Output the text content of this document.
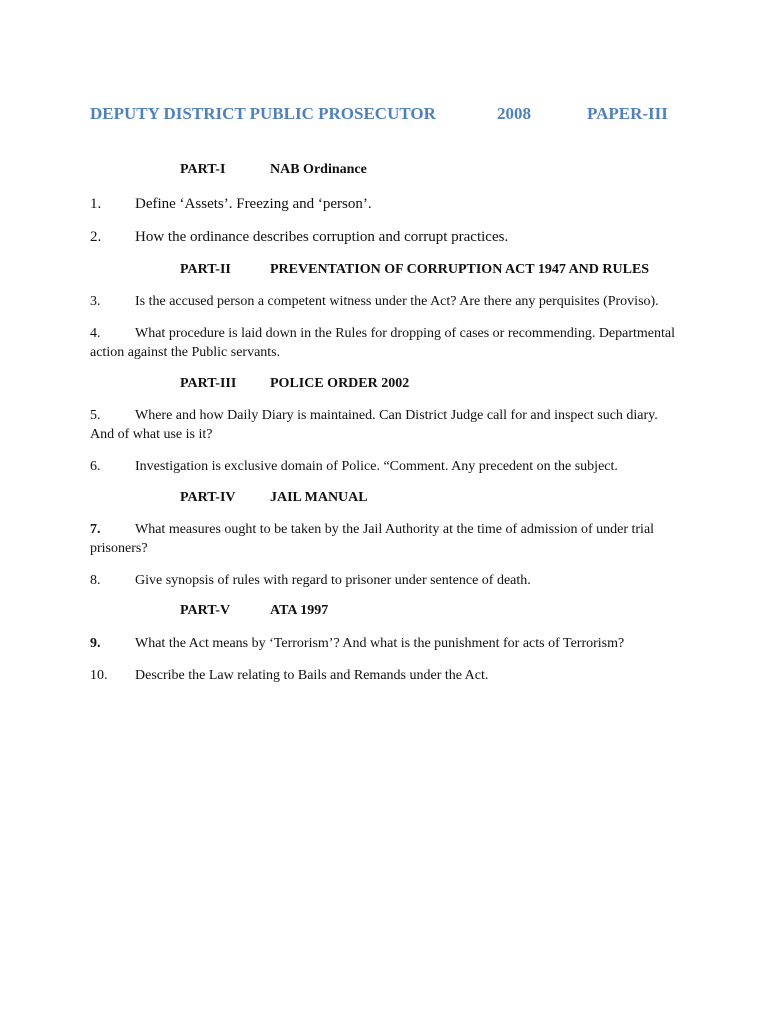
DEPUTY DISTRICT PUBLIC PROSECUTOR	2008	PAPER-III
PART-I	NAB Ordinance
1. Define ‘Assets’. Freezing and ‘person’.
2. How the ordinance describes corruption and corrupt practices.
PART-II	PREVENTATION OF CORRUPTION ACT 1947 AND RULES
3. Is the accused person a competent witness under the Act? Are there any perquisites (Proviso).
4. What procedure is laid down in the Rules for dropping of cases or recommending. Departmental action against the Public servants.
PART-III POLICE ORDER 2002
5. Where and how Daily Diary is maintained. Can District Judge call for and inspect such diary. And of what use is it?
6. Investigation is exclusive domain of Police. “Comment. Any precedent on the subject.
PART-IV JAIL MANUAL
7. What measures ought to be taken by the Jail Authority at the time of admission of under trial prisoners?
8. Give synopsis of rules with regard to prisoner under sentence of death.
PART-V	ATA 1997
9. What the Act means by ‘Terrorism’? And what is the punishment for acts of Terrorism?
10. Describe the Law relating to Bails and Remands under the Act.
